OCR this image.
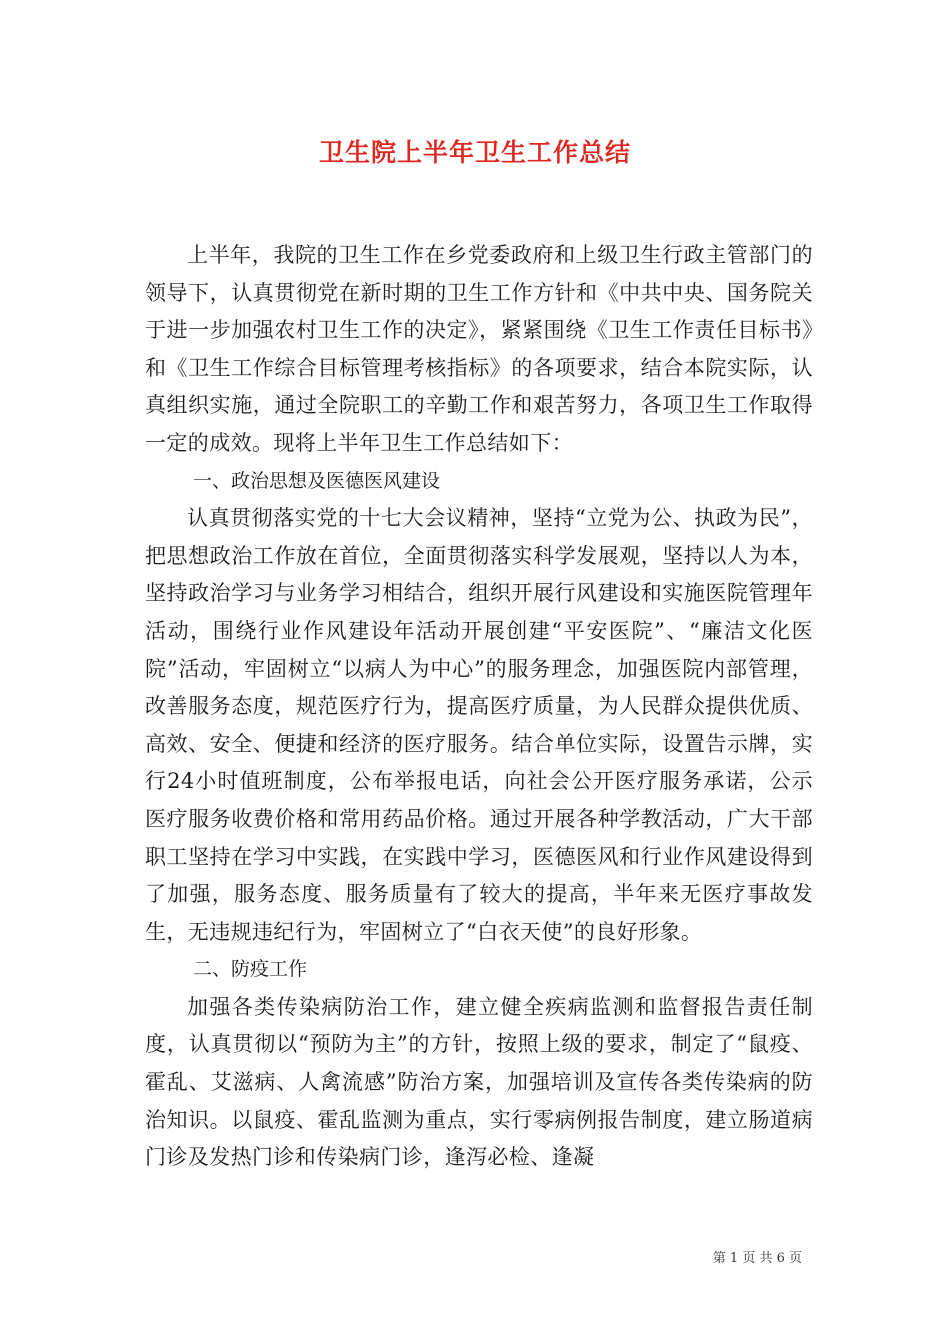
卫生院上半年卫生工作总结

上半年，我院的卫生工作在乡党委政府和上级卫生行政主管部门的领导下，认真贯彻党在新时期的卫生工作方针和《中共中央、国务院关于进一步加强农村卫生工作的决定》，紧紧围绕《卫生工作责任目标书》和《卫生工作综合目标管理考核指标》的各项要求，结合本院实际，认真组织实施，通过全院职工的辛勤工作和艰苦努力，各项卫生工作取得一定的成效。现将上半年卫生工作总结如下：

一、政治思想及医德医风建设

认真贯彻落实党的十七大会议精神，坚持“立党为公、执政为民”，把思想政治工作放在首位，全面贯彻落实科学发展观，坚持以人为本，坚持政治学习与业务学习相结合，组织开展行风建设和实施医院管理年活动，围绕行业作风建设年活动开展创建“平安医院”、“廉洁文化医院”活动，牢固树立“以病人为中心”的服务理念，加强医院内部管理，改善服务态度，规范医疗行为，提高医疗质量，为人民群众提供优质、高效、安全、便捷和经济的医疗服务。结合单位实际，设置告示牌，实行24小时值班制度，公布举报电话，向社会公开医疗服务承诺，公示医疗服务收费价格和常用药品价格。通过开展各种学教活动，广大干部职工坚持在学习中实践，在实践中学习，医德医风和行业作风建设得到了加强，服务态度、服务质量有了较大的提高，半年来无医疗事故发生，无违规违纪行为，牢固树立了“白衣天使”的良好形象。

二、防疫工作

加强各类传染病防治工作，建立健全疾病监测和监督报告责任制度，认真贯彻以“预防为主”的方针，按照上级的要求，制定了“鼠疫、霍乱、艾滋病、人禽流感”防治方案，加强培训及宣传各类传染病的防治知识。以鼠疫、霍乱监测为重点，实行零病例报告制度，建立肠道病门诊及发热门诊和传染病门诊，逢泻必检、逢凝

第 1 页 共 6 页
